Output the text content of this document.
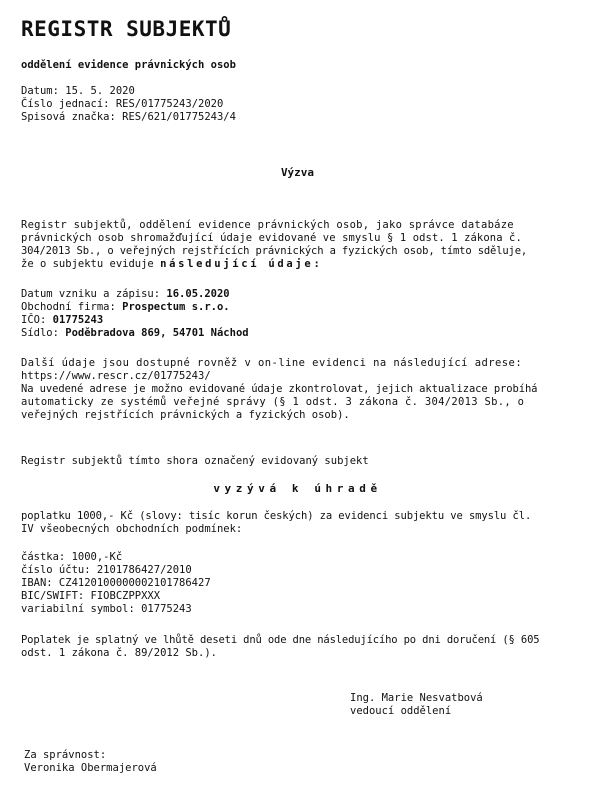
REGISTR SUBJEKTŮ
oddělení evidence právnických osob
Datum: 15. 5. 2020
Číslo jednací: RES/01775243/2020
Spisová značka: RES/621/01775243/4
Výzva
Registr subjektů, oddělení evidence právnických osob, jako správce databáze
právnických osob shromažďující údaje evidované ve smyslu § 1 odst. 1 zákona č.
304/2013 Sb., o veřejných rejstřících právnických a fyzických osob, tímto sděluje,
že o subjektu eviduje následující údaje:
Datum vzniku a zápisu: 16.05.2020
Obchodní firma: Prospectum s.r.o.
IČO: 01775243
Sídlo: Poděbradova 869, 54701 Náchod
Další údaje jsou dostupné rovněž v on-line evidenci na následující adrese:
https://www.rescr.cz/01775243/
Na uvedené adrese je možno evidované údaje zkontrolovat, jejich aktualizace probíhá
automaticky ze systémů veřejné správy (§ 1 odst. 3 zákona č. 304/2013 Sb., o
veřejných rejstřících právnických a fyzických osob).
Registr subjektů tímto shora označený evidovaný subjekt
vyzývá k úhradě
poplatku 1000,- Kč (slovy: tisíc korun českých) za evidenci subjektu ve smyslu čl.
IV všeobecných obchodních podmínek:
částka: 1000,-Kč
číslo účtu: 2101786427/2010
IBAN: CZ4120100000002101786427
BIC/SWIFT: FIOBCZPPXXX
variabilní symbol: 01775243
Poplatek je splatný ve lhůtě deseti dnů ode dne následujícího po dni doručení (§ 605
odst. 1 zákona č. 89/2012 Sb.).
Ing. Marie Nesvatbová
vedoucí oddělení
Za správnost:
Veronika Obermajerová
